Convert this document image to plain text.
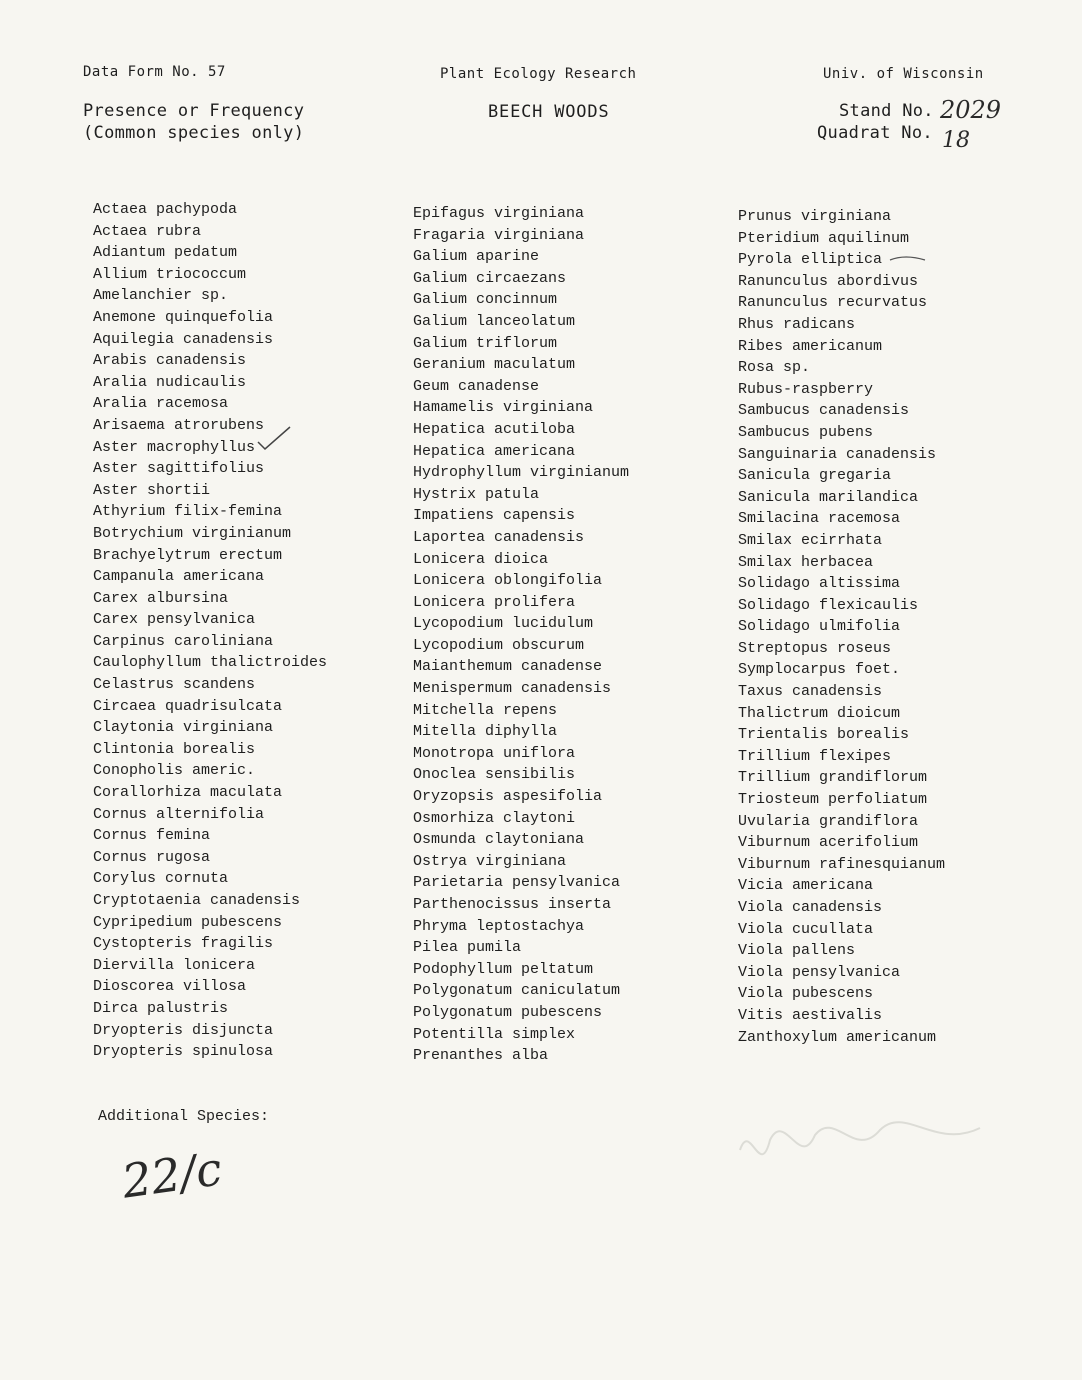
Data Form No. 57	Plant Ecology Research	Univ. of Wisconsin
Presence or Frequency
(Common species only)
BEECH WOODS	Stand No. 2029
Quadrat No. 18
Actaea pachypoda
Actaea rubra
Adiantum pedatum
Allium triococcum
Amelanchier sp.
Anemone quinquefolia
Aquilegia canadensis
Arabis canadensis
Aralia nudicaulis
Aralia racemosa
Arisaema atrorubens
Aster macrophyllus
Aster sagittifolius
Aster shortii
Athyrium filix-femina
Botrychium virginianum
Brachyelytrum erectum
Campanula americana
Carex albursina
Carex pensylvanica
Carpinus caroliniana
Caulophyllum thalictroides
Celastrus scandens
Circaea quadrisulcata
Claytonia virginiana
Clintonia borealis
Conopholis americ.
Corallorhiza maculata
Cornus alternifolia
Cornus femina
Cornus rugosa
Corylus cornuta
Cryptotaenia canadensis
Cypripedium pubescens
Cystopteris fragilis
Diervilla lonicera
Dioscorea villosa
Dirca palustris
Dryopteris disjuncta
Dryopteris spinulosa
Epifagus virginiana
Fragaria virginiana
Galium aparine
Galium circaezans
Galium concinnum
Galium lanceolatum
Galium triflorum
Geranium maculatum
Geum canadense
Hamamelis virginiana
Hepatica acutiloba
Hepatica americana
Hydrophyllum virginianum
Hystrix patula
Impatiens capensis
Laportea canadensis
Lonicera dioica
Lonicera oblongifolia
Lonicera prolifera
Lycopodium lucidulum
Lycopodium obscurum
Maianthemum canadense
Menispermum canadensis
Mitchella repens
Mitella diphylla
Monotropa uniflora
Onoclea sensibilis
Oryzopsis aspesifolia
Osmorhiza claytoni
Osmunda claytoniana
Ostrya virginiana
Parietaria pensylvanica
Parthenocissus inserta
Phryma leptostachya
Pilea pumila
Podophyllum peltatum
Polygonatum caniculatum
Polygonatum pubescens
Potentilla simplex
Prenanthes alba
Prunus virginiana
Pteridium aquilinum
Pyrola elliptica
Ranunculus abordivus
Ranunculus recurvatus
Rhus radicans
Ribes americanum
Rosa sp.
Rubus-raspberry
Sambucus canadensis
Sambucus pubens
Sanguinaria canadensis
Sanicula gregaria
Sanicula marilandica
Smilacina racemosa
Smilax ecirrhata
Smilax herbacea
Solidago altissima
Solidago flexicaulis
Solidago ulmifolia
Streptopus roseus
Symplocarpus foet.
Taxus canadensis
Thalictrum dioicum
Trientalis borealis
Trillium flexipes
Trillium grandiflorum
Triosteum perfoliatum
Uvularia grandiflora
Viburnum acerifolium
Viburnum rafinesquianum
Vicia americana
Viola canadensis
Viola cucullata
Viola pallens
Viola pensylvanica
Viola pubescens
Vitis aestivalis
Zanthoxylum americanum
Additional Species:
22/c
